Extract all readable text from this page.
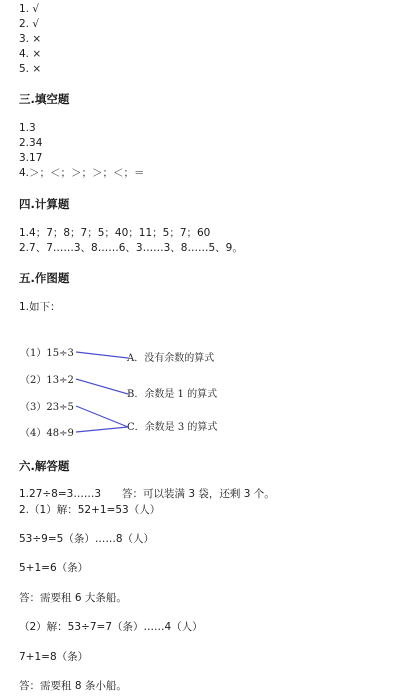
1. √
2. √
3. ×
4. ×
5. ×
三.填空题
1.3
2.34
3.17
4.＞；＜；＞；＞；＜；＝
四.计算题
1.4；7；8；7；5；40；11；5；7；60
2.7、7……3、8……6、3……3、8……5、9。
五.作图题
1.如下：
（1）15÷3
（2）13÷2
（3）23÷5
（4）48÷9
A．没有余数的算式
B．余数是 1 的算式
C．余数是 3 的算式
六.解答题
1.27÷8=3……3　　答：可以装满 3 袋，还剩 3 个。
2.（1）解：52+1=53（人）
53÷9=5（条）……8（人）
5+1=6（条）
答：需要租 6 大条船。
（2）解：53÷7=7（条）……4（人）
7+1=8（条）
答：需要租 8 条小船。
